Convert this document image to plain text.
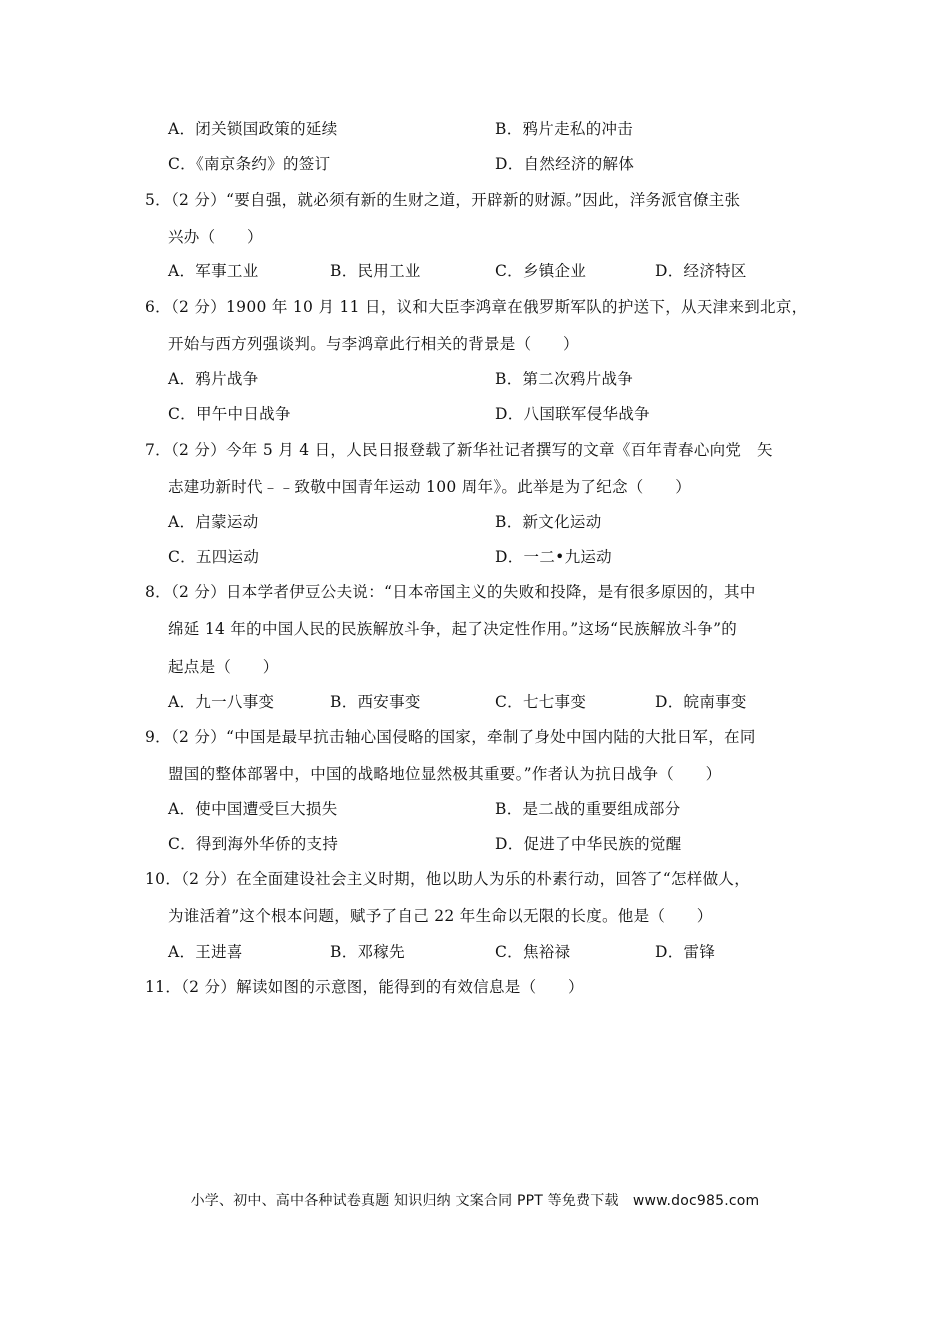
A．闭关锁国政策的延续	B．鸦片走私的冲击
C．《南京条约》的签订	D．自然经济的解体
5．（2 分）“要自强，就必须有新的生财之道，开辟新的财源。”因此，洋务派官僚主张
兴办（　　）
A．军事工业	B．民用工业	C．乡镇企业	D．经济特区
6．（2 分）1900 年 10 月 11 日，议和大臣李鸿章在俄罗斯军队的护送下，从天津来到北京，
开始与西方列强谈判。与李鸿章此行相关的背景是（　　）
A．鸦片战争	B．第二次鸦片战争
C．甲午中日战争	D．八国联军侵华战争
7．（2 分）今年 5 月 4 日，人民日报登载了新华社记者撰写的文章《百年青春心向党　矢
志建功新时代﹣﹣致敬中国青年运动 100 周年》。此举是为了纪念（　　）
A．启蒙运动	B．新文化运动
C．五四运动	D．一二•九运动
8．（2 分）日本学者伊豆公夫说：“日本帝国主义的失败和投降，是有很多原因的，其中
绵延 14 年的中国人民的民族解放斗争，起了决定性作用。”这场“民族解放斗争”的
起点是（　　）
A．九一八事变	B．西安事变	C．七七事变	D．皖南事变
9．（2 分）“中国是最早抗击轴心国侵略的国家，牵制了身处中国内陆的大批日军，在同
盟国的整体部署中，中国的战略地位显然极其重要。”作者认为抗日战争（　　）
A．使中国遭受巨大损失	B．是二战的重要组成部分
C．得到海外华侨的支持	D．促进了中华民族的觉醒
10．（2 分）在全面建设社会主义时期，他以助人为乐的朴素行动，回答了“怎样做人，
为谁活着”这个根本问题，赋予了自己 22 年生命以无限的长度。他是（　　）
A．王进喜	B．邓稼先	C．焦裕禄	D．雷锋
11．（2 分）解读如图的示意图，能得到的有效信息是（　　）
小学、初中、高中各种试卷真题 知识归纳 文案合同 PPT 等免费下载　www.doc985.com
